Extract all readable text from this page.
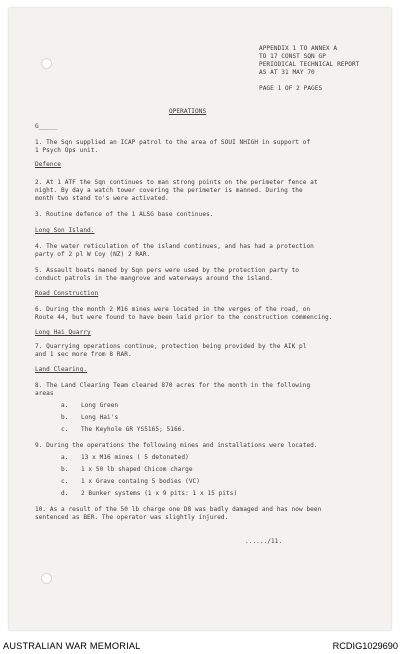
APPENDIX 1 TO ANNEX A
TO 17 CONST SQN GP
PERIODICAL TECHNICAL REPORT
AS AT 31 MAY 70
PAGE 1 OF 2 PAGES
OPERATIONS
G_____
1. The Sqn supplied an ICAP patrol to the area of SOUI NHIGH in support of
1 Psych Ops unit.
Defence
2. At 1 ATF the Sqn continues to man strong points on the perimeter fence at
night. By day a watch tower covering the perimeter is manned. During the
month two stand to's were activated.
3. Routine defence of the 1 ALSG base continues.
Long Son Island.
4. The water reticulation of the island continues, and has had a protection
party of 2 pl W Coy (NZ) 2 RAR.
5. Assault boats maned by Sqn pers were used by the protection party to
conduct patrols in the mangrove and waterways around the island.
Road Construction
6. During the month 2 M16 mines were located in the verges of the road, on
Route 44, but were found to have been laid prior to the construction commencing.
Long Hai Quarry
7. Quarrying operations continue, protection being provided by the AIK pl
and 1 sec more from 8 RAR.
Land Clearing.
8. The Land Clearing Team cleared 870 acres for the month in the following
areas
a. Long Green
b. Long Hai's
c. The Keyhole GR YS5165; 5166.
9. During the operations the following mines and installations were located.
a. 13 x M16 mines ( 5 detonated)
b. 1 x 50 lb shaped Chicom charge
c. 1 x Grave containg 5 bodies (VC)
d. 2 Bunker systems (1 x 9 pits: 1 x 15 pits)
10. As a result of the 50 lb charge one D8 was badly damaged and has now been
sentenced as BER. The operator was slightly injured.
....../11.
AUSTRALIAN WAR MEMORIAL	RCDIG1029690
